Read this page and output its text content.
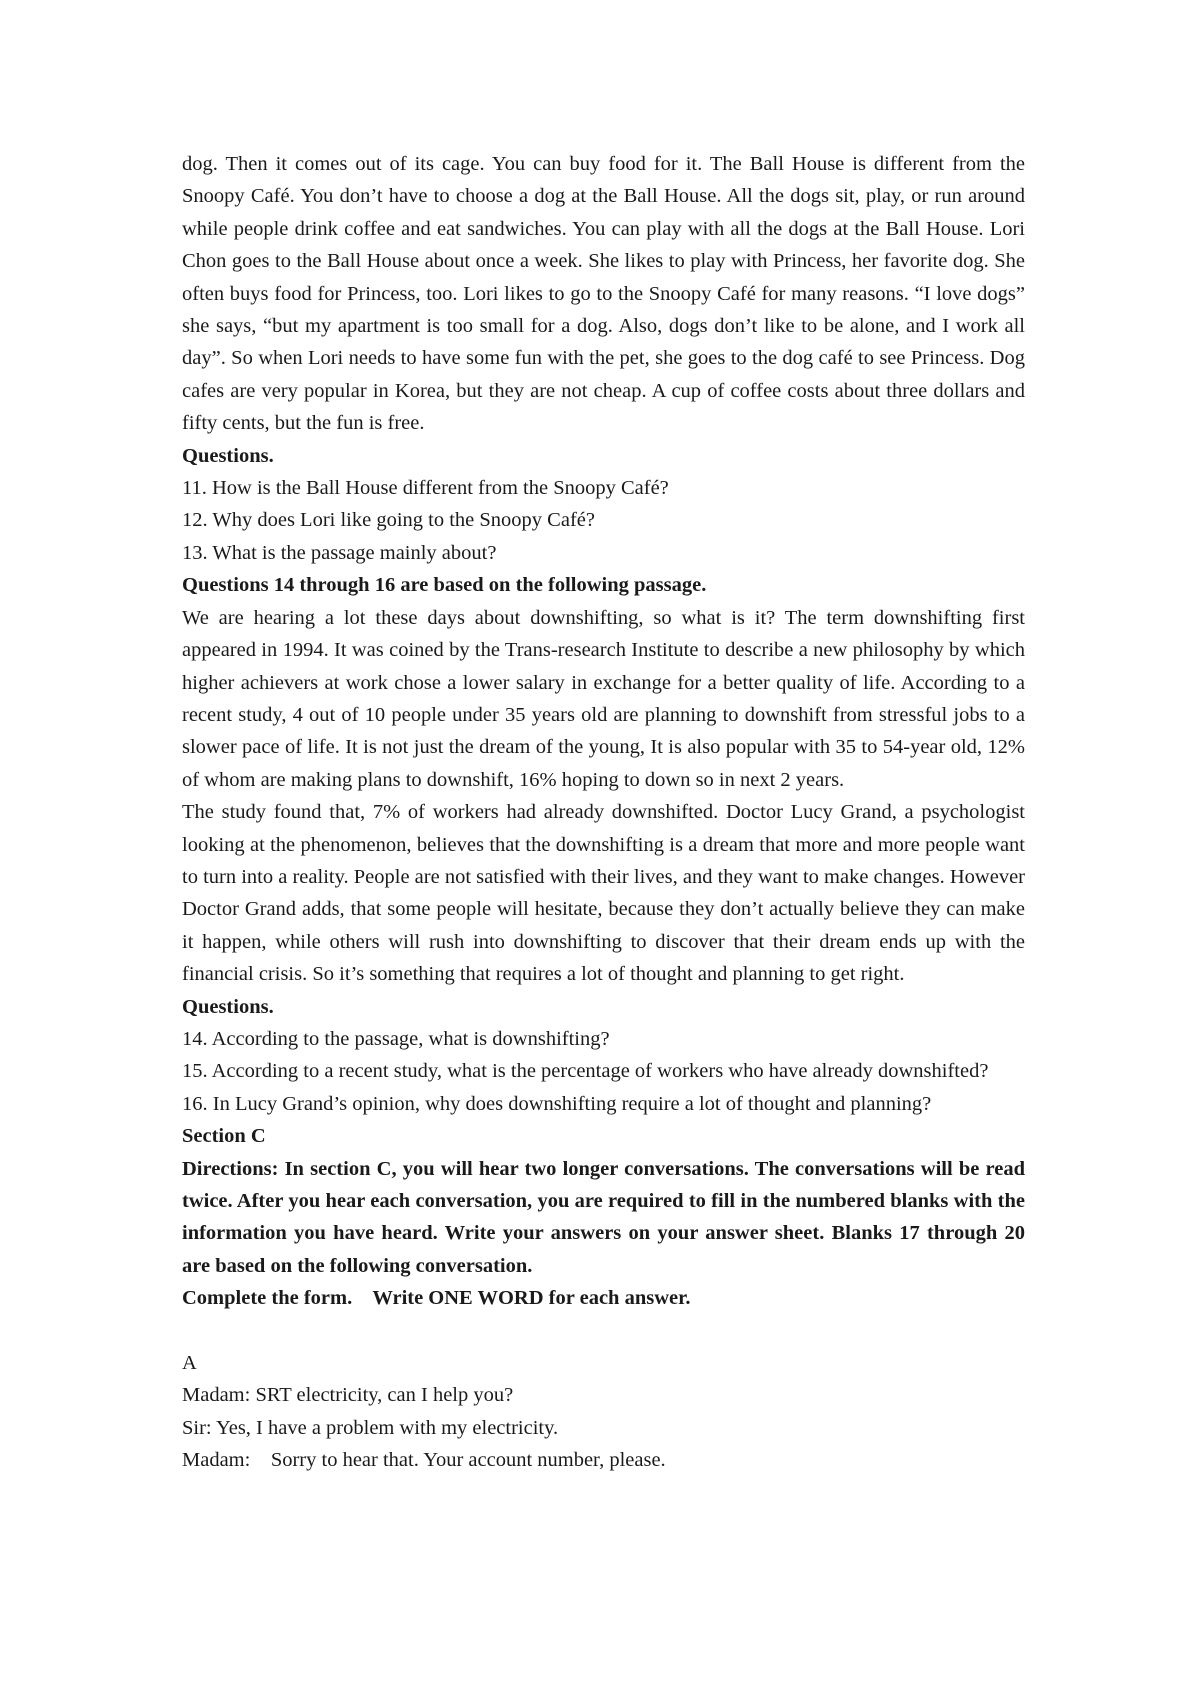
dog. Then it comes out of its cage. You can buy food for it. The Ball House is different from the Snoopy Café. You don’t have to choose a dog at the Ball House. All the dogs sit, play, or run around while people drink coffee and eat sandwiches. You can play with all the dogs at the Ball House. Lori Chon goes to the Ball House about once a week. She likes to play with Princess, her favorite dog. She often buys food for Princess, too. Lori likes to go to the Snoopy Café for many reasons. “I love dogs” she says, “but my apartment is too small for a dog. Also, dogs don’t like to be alone, and I work all day”. So when Lori needs to have some fun with the pet, she goes to the dog café to see Princess. Dog cafes are very popular in Korea, but they are not cheap. A cup of coffee costs about three dollars and fifty cents, but the fun is free.

Questions.

11. How is the Ball House different from the Snoopy Café?

12. Why does Lori like going to the Snoopy Café?

13. What is the passage mainly about?

Questions 14 through 16 are based on the following passage.

We are hearing a lot these days about downshifting, so what is it? The term downshifting first appeared in 1994. It was coined by the Trans-research Institute to describe a new philosophy by which higher achievers at work chose a lower salary in exchange for a better quality of life. According to a recent study, 4 out of 10 people under 35 years old are planning to downshift from stressful jobs to a slower pace of life. It is not just the dream of the young, It is also popular with 35 to 54-year old, 12% of whom are making plans to downshift, 16% hoping to down so in next 2 years.

The study found that, 7% of workers had already downshifted. Doctor Lucy Grand, a psychologist looking at the phenomenon, believes that the downshifting is a dream that more and more people want to turn into a reality. People are not satisfied with their lives, and they want to make changes. However Doctor Grand adds, that some people will hesitate, because they don’t actually believe they can make it happen, while others will rush into downshifting to discover that their dream ends up with the financial crisis. So it’s something that requires a lot of thought and planning to get right.

Questions.

14. According to the passage, what is downshifting?

15. According to a recent study, what is the percentage of workers who have already downshifted?

16. In Lucy Grand’s opinion, why does downshifting require a lot of thought and planning?

Section C

Directions: In section C, you will hear two longer conversations. The conversations will be read twice. After you hear each conversation, you are required to fill in the numbered blanks with the information you have heard. Write your answers on your answer sheet. Blanks 17 through 20 are based on the following conversation.

Complete the form.    Write ONE WORD for each answer.

A

Madam: SRT electricity, can I help you?

Sir: Yes, I have a problem with my electricity.

Madam:    Sorry to hear that. Your account number, please.
